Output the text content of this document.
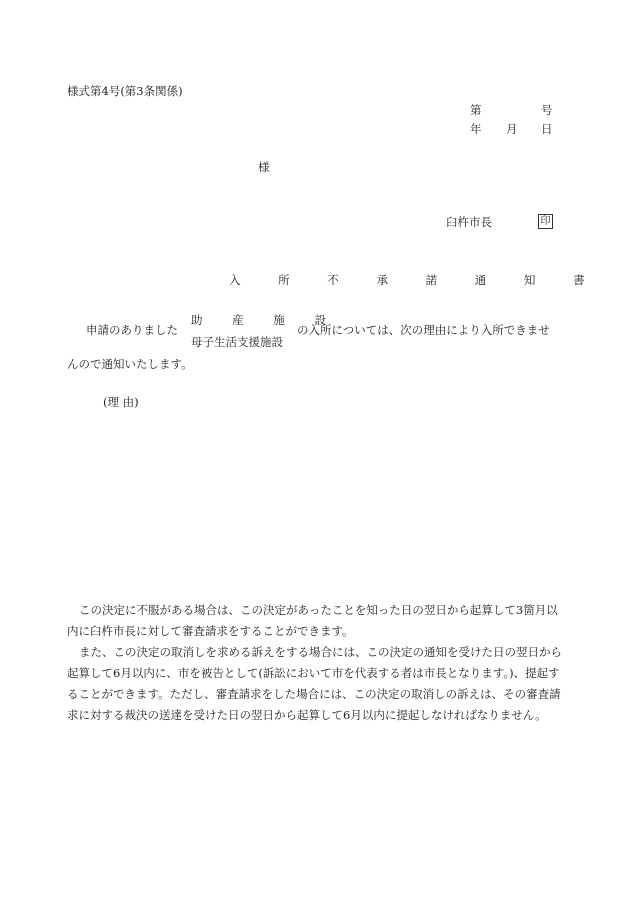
様式第4号(第3条関係)
第	号
年 月 日
様
臼杵市長	印
入 所 不 承 諾 通 知 書
申請のありました
助 産 施 設
母子生活支援施設
の入所については、次の理由により入所できませ
んので通知いたします。
(理 由)
この決定に不服がある場合は、この決定があったことを知った日の翌日から起算して3箇月以内に臼杵市長に対して審査請求をすることができます。
また、この決定の取消しを求める訴えをする場合には、この決定の通知を受けた日の翌日から起算して6月以内に、市を被告として(訴訟において市を代表する者は市長となります。)、提起することができます。ただし、審査請求をした場合には、この決定の取消しの訴えは、その審査請求に対する裁決の送達を受けた日の翌日から起算して6月以内に提起しなければなりません。
